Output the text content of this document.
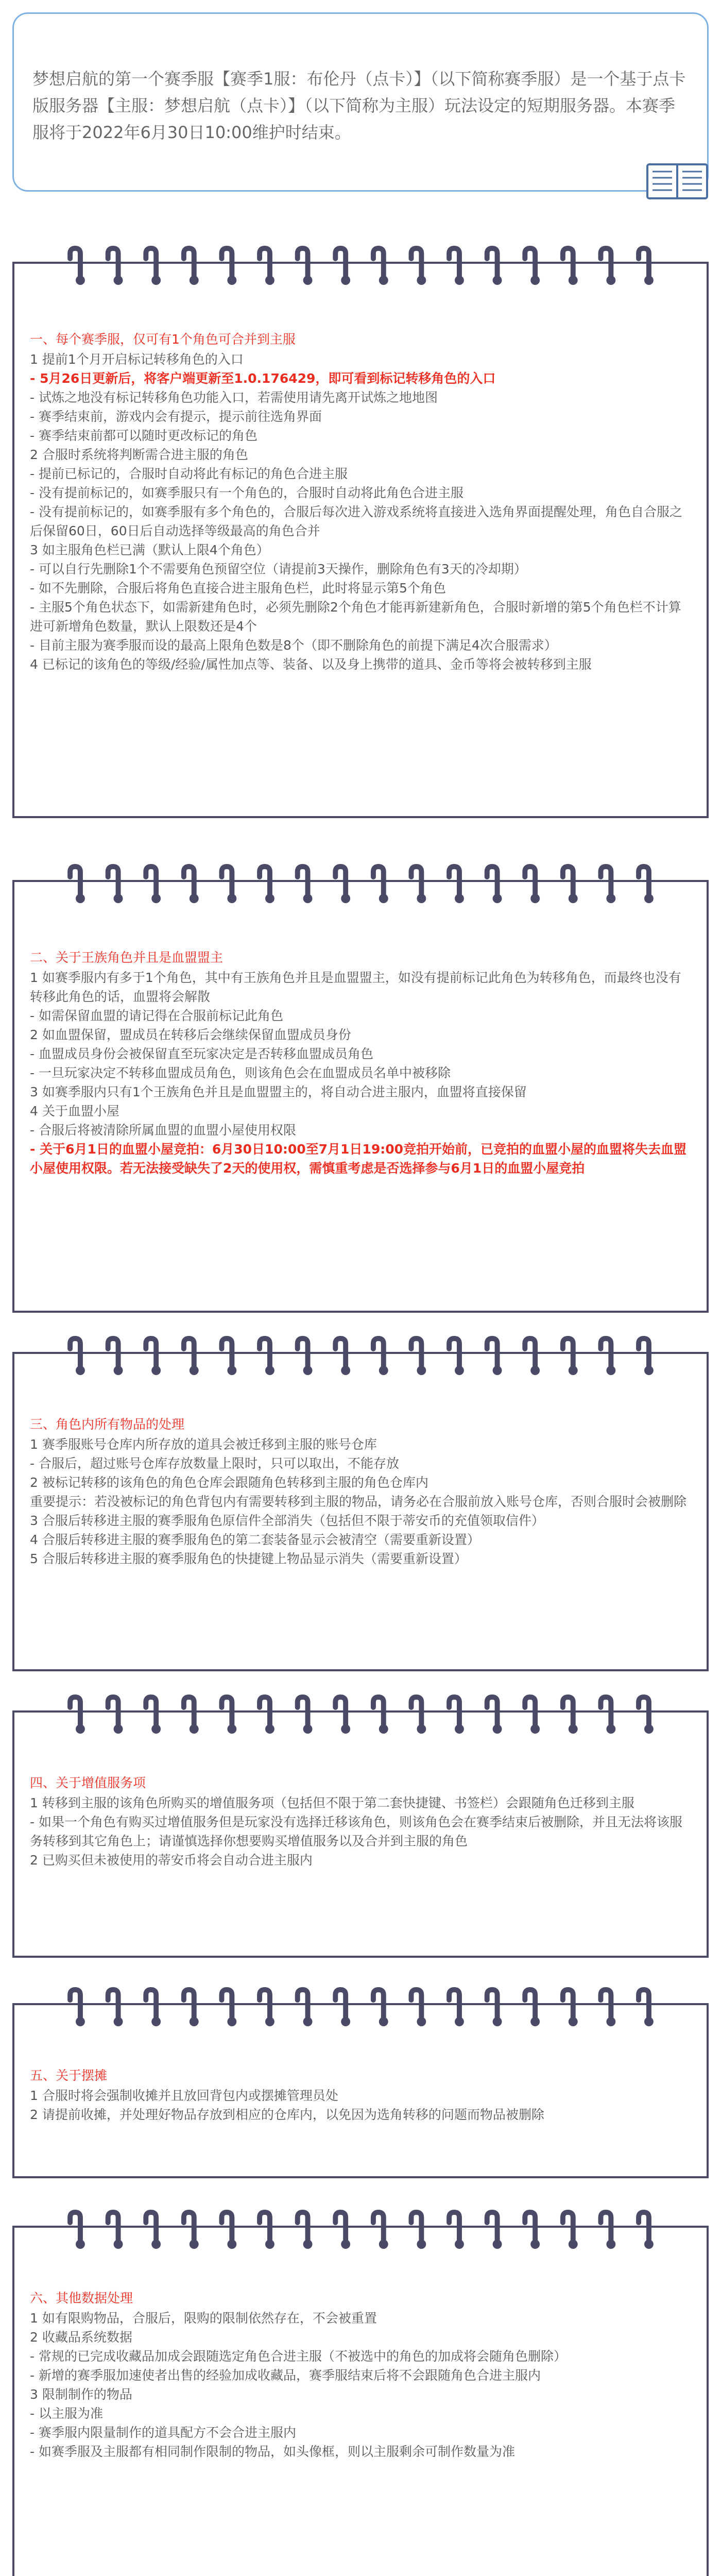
梦想启航的第一个赛季服【赛季1服：布伦丹（点卡）】（以下简称赛季服）是一个基于点卡版服务器【主服：梦想启航（点卡）】（以下简称为主服）玩法设定的短期服务器。本赛季服将于2022年6月30日10:00维护时结束。

一、每个赛季服，仅可有1个角色可合并到主服

1 提前1个月开启标记转移角色的入口

- 5月26日更新后，将客户端更新至1.0.176429，即可看到标记转移角色的入口

- 试炼之地没有标记转移角色功能入口，若需使用请先离开试炼之地地图

- 赛季结束前，游戏内会有提示，提示前往选角界面

- 赛季结束前都可以随时更改标记的角色

2 合服时系统将判断需合进主服的角色

- 提前已标记的，合服时自动将此有标记的角色合进主服

- 没有提前标记的，如赛季服只有一个角色的，合服时自动将此角色合进主服

- 没有提前标记的，如赛季服有多个角色的，合服后每次进入游戏系统将直接进入选角界面提醒处理，角色自合服之后保留60日，60日后自动选择等级最高的角色合并

3 如主服角色栏已满（默认上限4个角色）

- 可以自行先删除1个不需要角色预留空位（请提前3天操作，删除角色有3天的冷却期）

- 如不先删除，合服后将角色直接合进主服角色栏，此时将显示第5个角色

- 主服5个角色状态下，如需新建角色时，必须先删除2个角色才能再新建新角色，合服时新增的第5个角色栏不计算进可新增角色数量，默认上限数还是4个

- 目前主服为赛季服而设的最高上限角色数是8个（即不删除角色的前提下满足4次合服需求）

4 已标记的该角色的等级/经验/属性加点等、装备、以及身上携带的道具、金币等将会被转移到主服

二、关于王族角色并且是血盟盟主

1 如赛季服内有多于1个角色，其中有王族角色并且是血盟盟主，如没有提前标记此角色为转移角色，而最终也没有转移此角色的话，血盟将会解散

- 如需保留血盟的请记得在合服前标记此角色

2 如血盟保留，盟成员在转移后会继续保留血盟成员身份

- 血盟成员身份会被保留直至玩家决定是否转移血盟成员角色

- 一旦玩家决定不转移血盟成员角色，则该角色会在血盟成员名单中被移除

3 如赛季服内只有1个王族角色并且是血盟盟主的，将自动合进主服内，血盟将直接保留

4 关于血盟小屋

- 合服后将被清除所属血盟的血盟小屋使用权限

- 关于6月1日的血盟小屋竞拍：6月30日10:00至7月1日19:00竞拍开始前，已竞拍的血盟小屋的血盟将失去血盟小屋使用权限。若无法接受缺失了2天的使用权，需慎重考虑是否选择参与6月1日的血盟小屋竞拍

三、角色内所有物品的处理

1 赛季服账号仓库内所存放的道具会被迁移到主服的账号仓库

- 合服后，超过账号仓库存放数量上限时，只可以取出，不能存放

2 被标记转移的该角色的角色仓库会跟随角色转移到主服的角色仓库内

重要提示：若没被标记的角色背包内有需要转移到主服的物品，请务必在合服前放入账号仓库，否则合服时会被删除

3 合服后转移进主服的赛季服角色原信件全部消失（包括但不限于蒂安币的充值领取信件）

4 合服后转移进主服的赛季服角色的第二套装备显示会被清空（需要重新设置）

5 合服后转移进主服的赛季服角色的快捷键上物品显示消失（需要重新设置）

四、关于增值服务项

1 转移到主服的该角色所购买的增值服务项（包括但不限于第二套快捷键、书签栏）会跟随角色迁移到主服

- 如果一个角色有购买过增值服务但是玩家没有选择迁移该角色，则该角色会在赛季结束后被删除，并且无法将该服务转移到其它角色上；请谨慎选择你想要购买增值服务以及合并到主服的角色

2 已购买但未被使用的蒂安币将会自动合进主服内

五、关于摆摊

1 合服时将会强制收摊并且放回背包内或摆摊管理员处

2 请提前收摊，并处理好物品存放到相应的仓库内，以免因为选角转移的问题而物品被删除

六、其他数据处理

1 如有限购物品，合服后，限购的限制依然存在，不会被重置

2 收藏品系统数据

- 常规的已完成收藏品加成会跟随选定角色合进主服（不被选中的角色的加成将会随角色删除）

- 新增的赛季服加速使者出售的经验加成收藏品，赛季服结束后将不会跟随角色合进主服内

3 限制制作的物品

- 以主服为准

- 赛季服内限量制作的道具配方不会合进主服内

- 如赛季服及主服都有相同制作限制的物品，如头像框，则以主服剩余可制作数量为准
